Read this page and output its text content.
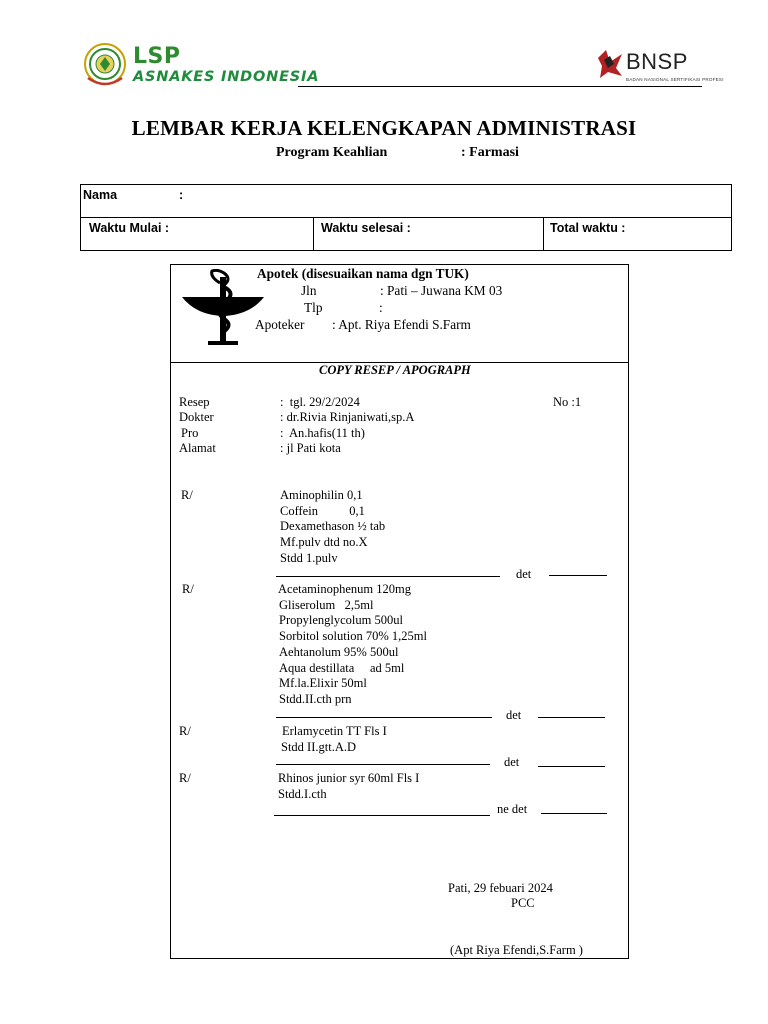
LSP
ASNAKES INDONESIA
BNSP
BADAN NASIONAL SERTIFIKASI PROFESI
LEMBAR KERJA KELENGKAPAN ADMINISTRASI
Program Keahlian	: Farmasi
Nama	:
Waktu Mulai :	Waktu selesai :	Total waktu :
Apotek (disesuaikan nama dgn TUK)
Jln	: Pati – Juwana KM 03
Tlp	:
Apoteker : Apt. Riya Efendi S.Farm
COPY RESEP / APOGRAPH
Resep	:  tgl. 29/2/2024	No :1
Dokter	: dr.Rivia Rinjaniwati,sp.A
Pro	:  An.hafis(11 th)
Alamat	: jl Pati kota
R/	Aminophilin 0,1
Coffein          0,1
Dexamethason ½ tab
Mf.pulv dtd no.X
Stdd 1.pulv
det
R/	Acetaminophenum 120mg
Gliserolum   2,5ml
Propylenglycolum 500ul
Sorbitol solution 70% 1,25ml
Aehtanolum 95% 500ul
Aqua destillata     ad 5ml
Mf.la.Elixir 50ml
Stdd.II.cth prn
det
R/	Erlamycetin TT Fls I
Stdd II.gtt.A.D
det
R/	Rhinos junior syr 60ml Fls I
Stdd.I.cth
ne det
Pati, 29 febuari 2024
PCC
(Apt Riya Efendi,S.Farm )
